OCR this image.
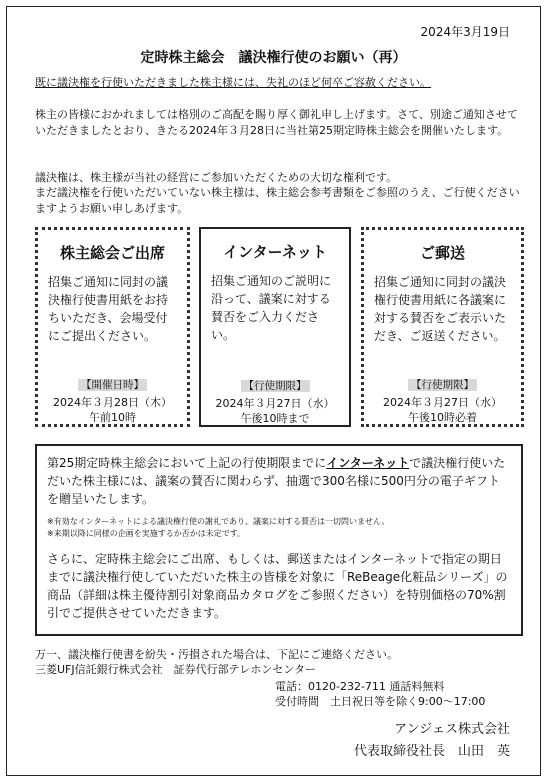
2024年3月19日
定時株主総会　議決権行使のお願い（再）
既に議決権を行使いただきました株主様には、失礼のほど何卒ご容赦ください。
株主の皆様におかれましては格別のご高配を賜り厚く御礼申し上げます。さて、別途ご通知させていただきましたとおり、きたる2024年３月28日に当社第25期定時株主総会を開催いたします。
議決権は、株主様が当社の経営にご参加いただくための大切な権利です。
まだ議決権を行使いただいていない株主様は、株主総会参考書類をご参照のうえ、ご行使くださいますようお願い申しあげます。
株主総会ご出席
招集ご通知に同封の議決権行使書用紙をお持ちいただき、会場受付にご提出ください。
【開催日時】
2024年３月28日（木）
午前10時
インターネット
招集ご通知のご説明に沿って、議案に対する賛否をご入力ください。
【行使期限】
2024年３月27日（水）
午後10時まで
ご郵送
招集ご通知に同封の議決権行使書用紙に各議案に対する賛否をご表示いただき、ご返送ください。
【行使期限】
2024年３月27日（水）
午後10時必着
第25期定時株主総会において上記の行使期限までにインターネットで議決権行使いただいた株主様には、議案の賛否に関わらず、抽選で300名様に500円分の電子ギフトを贈呈いたします。
※有効なインターネットによる議決権行使の謝礼であり、議案に対する賛否は一切問いません。
※来期以降に同様の企画を実施するか否かは未定です。
さらに、定時株主総会にご出席、もしくは、郵送またはインターネットで指定の期日までに議決権行使していただいた株主の皆様を対象に「ReBeage化粧品シリーズ」の商品（詳細は株主優待割引対象商品カタログをご参照ください）を特別価格の70%割引でご提供させていただきます。
万一、議決権行使書を紛失・汚損された場合は、下記にご連絡ください。
三菱UFJ信託銀行株式会社　証券代行部テレホンセンター
電話：0120-232-711 通話料無料
受付時間　土日祝日等を除く9:00～17:00
アンジェス株式会社
代表取締役社長　山田　英
